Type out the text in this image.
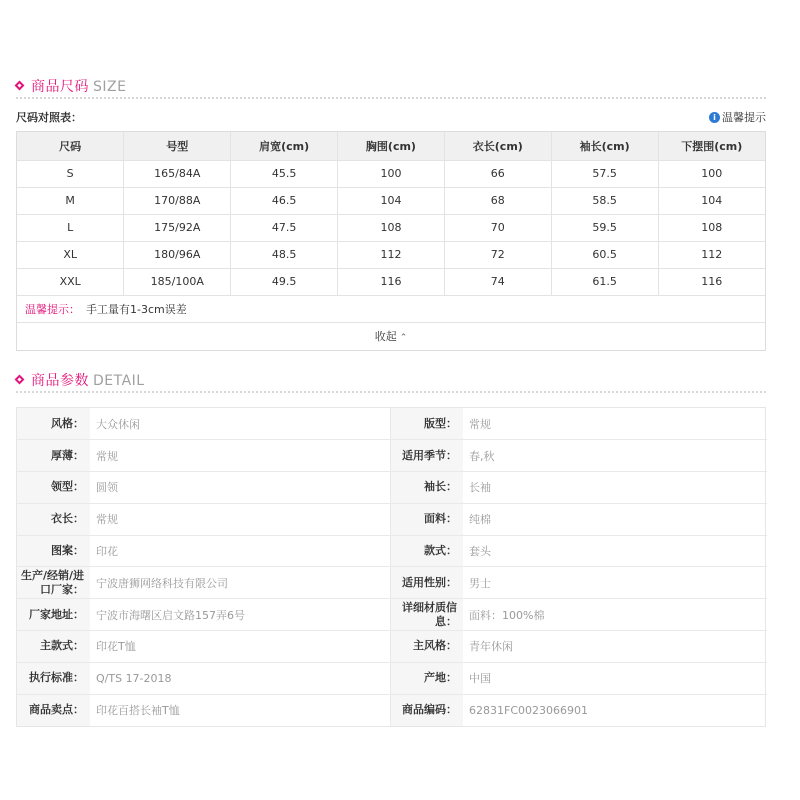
商品尺码 SIZE
尺码对照表：	i 温馨提示
尺码	号型	肩宽(cm)	胸围(cm)	衣长(cm)	袖长(cm)	下摆围(cm)
S	165/84A	45.5	100	66	57.5	100
M	170/88A	46.5	104	68	58.5	104
L	175/92A	47.5	108	70	59.5	108
XL	180/96A	48.5	112	72	60.5	112
XXL	185/100A	49.5	116	74	61.5	116
温馨提示： 手工量有1-3cm误差
收起 ⌃
商品参数 DETAIL
风格：	大众休闲	版型：	常规
厚薄：	常规	适用季节：	春,秋
领型：	圆领	袖长：	长袖
衣长：	常规	面料：	纯棉
图案：	印花	款式：	套头
生产/经销/进口厂家：	宁波唐狮网络科技有限公司	适用性别：	男士
厂家地址：	宁波市海曙区启文路157弄6号	详细材质信息：	面料：100%棉
主款式：	印花T恤	主风格：	青年休闲
执行标准：	Q/TS 17-2018	产地：	中国
商品卖点：	印花百搭长袖T恤	商品编码：	62831FC0023066901
